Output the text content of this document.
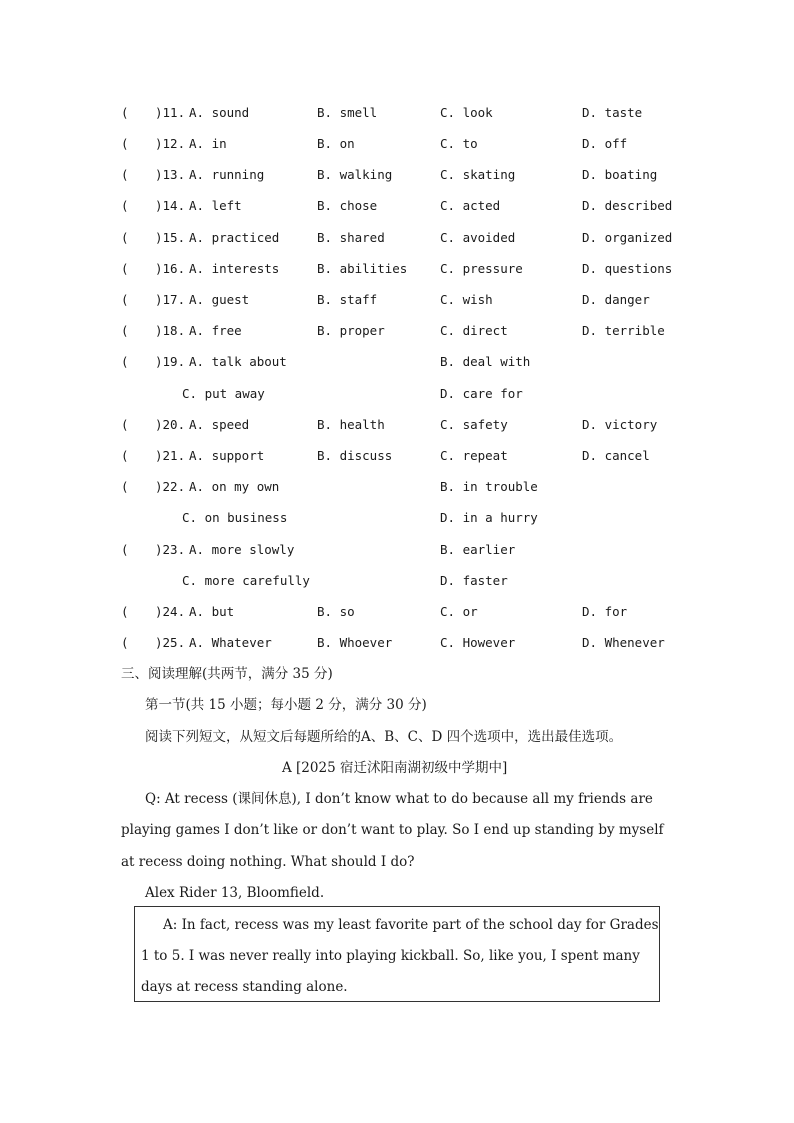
( )11. A. sound	B. smell	C. look	D. taste
( )12. A. in	B. on	C. to	D. off
( )13. A. running	B. walking	C. skating	D. boating
( )14. A. left	B. chose	C. acted	D. described
( )15. A. practiced	B. shared	C. avoided	D. organized
( )16. A. interests	B. abilities	C. pressure	D. questions
( )17. A. guest	B. staff	C. wish	D. danger
( )18. A. free	B. proper	C. direct	D. terrible
( )19. A. talk about	B. deal with
C. put away	D. care for
( )20. A. speed	B. health	C. safety	D. victory
( )21. A. support	B. discuss	C. repeat	D. cancel
( )22. A. on my own	B. in trouble
C. on business	D. in a hurry
( )23. A. more slowly	B. earlier
C. more carefully	D. faster
( )24. A. but	B. so	C. or	D. for
( )25. A. Whatever	B. Whoever	C. However	D. Whenever
三、阅读理解(共两节，满分 35 分)
第一节(共 15 小题；每小题 2 分，满分 30 分)
阅读下列短文，从短文后每题所给的A、B、C、D 四个选项中，选出最佳选项。
A [2025 宿迁沭阳南湖初级中学期中]
Q: At recess (课间休息), I don’t know what to do because all my friends are
playing games I don’t like or don’t want to play. So I end up standing by myself
at recess doing nothing. What should I do?
Alex Rider 13, Bloomfield.
A: In fact, recess was my least favorite part of the school day for Grades
1 to 5. I was never really into playing kickball. So, like you, I spent many
days at recess standing alone.
